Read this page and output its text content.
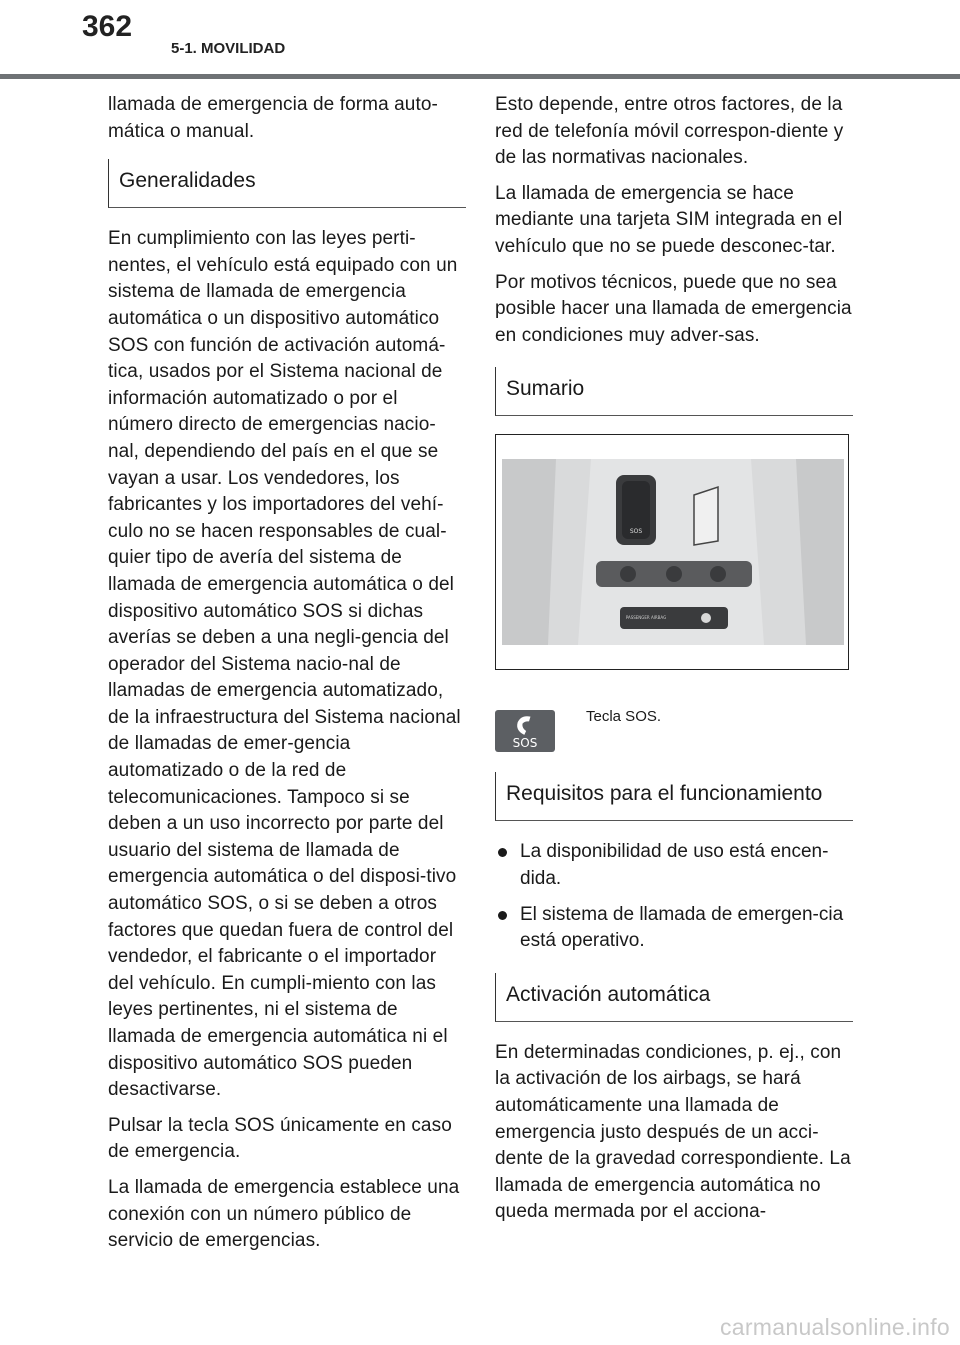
362
5-1. MOVILIDAD

llamada de emergencia de forma auto-mática o manual.

Generalidades

En cumplimiento con las leyes perti-nentes, el vehículo está equipado con un sistema de llamada de emergencia automática o un dispositivo automático SOS con función de activación automá-tica, usados por el Sistema nacional de información automatizado o por el número directo de emergencias nacio-nal, dependiendo del país en el que se vayan a usar. Los vendedores, los fabricantes y los importadores del vehí-culo no se hacen responsables de cual-quier tipo de avería del sistema de llamada de emergencia automática o del dispositivo automático SOS si dichas averías se deben a una negli-gencia del operador del Sistema nacio-nal de llamadas de emergencia automatizado, de la infraestructura del Sistema nacional de llamadas de emer-gencia automatizado o de la red de telecomunicaciones. Tampoco si se deben a un uso incorrecto por parte del usuario del sistema de llamada de emergencia automática o del disposi-tivo automático SOS, o si se deben a otros factores que quedan fuera de control del vendedor, el fabricante o el importador del vehículo. En cumpli-miento con las leyes pertinentes, ni el sistema de llamada de emergencia automática ni el dispositivo automático SOS pueden desactivarse.

Pulsar la tecla SOS únicamente en caso de emergencia.

La llamada de emergencia establece una conexión con un número público de servicio de emergencias.

Esto depende, entre otros factores, de la red de telefonía móvil correspon-diente y de las normativas nacionales.

La llamada de emergencia se hace mediante una tarjeta SIM integrada en el vehículo que no se puede desconec-tar.

Por motivos técnicos, puede que no sea posible hacer una llamada de emergencia en condiciones muy adver-sas.

Sumario
SOS
PASSENGER AIRBAG
SOS
Tecla SOS.
Requisitos para el funcionamiento
La disponibilidad de uso está encen-dida.
El sistema de llamada de emergen-cia está operativo.
Activación automática

En determinadas condiciones, p. ej., con la activación de los airbags, se hará automáticamente una llamada de emergencia justo después de un acci-dente de la gravedad correspondiente. La llamada de emergencia automática no queda mermada por el acciona-

carmanualsonline.info
